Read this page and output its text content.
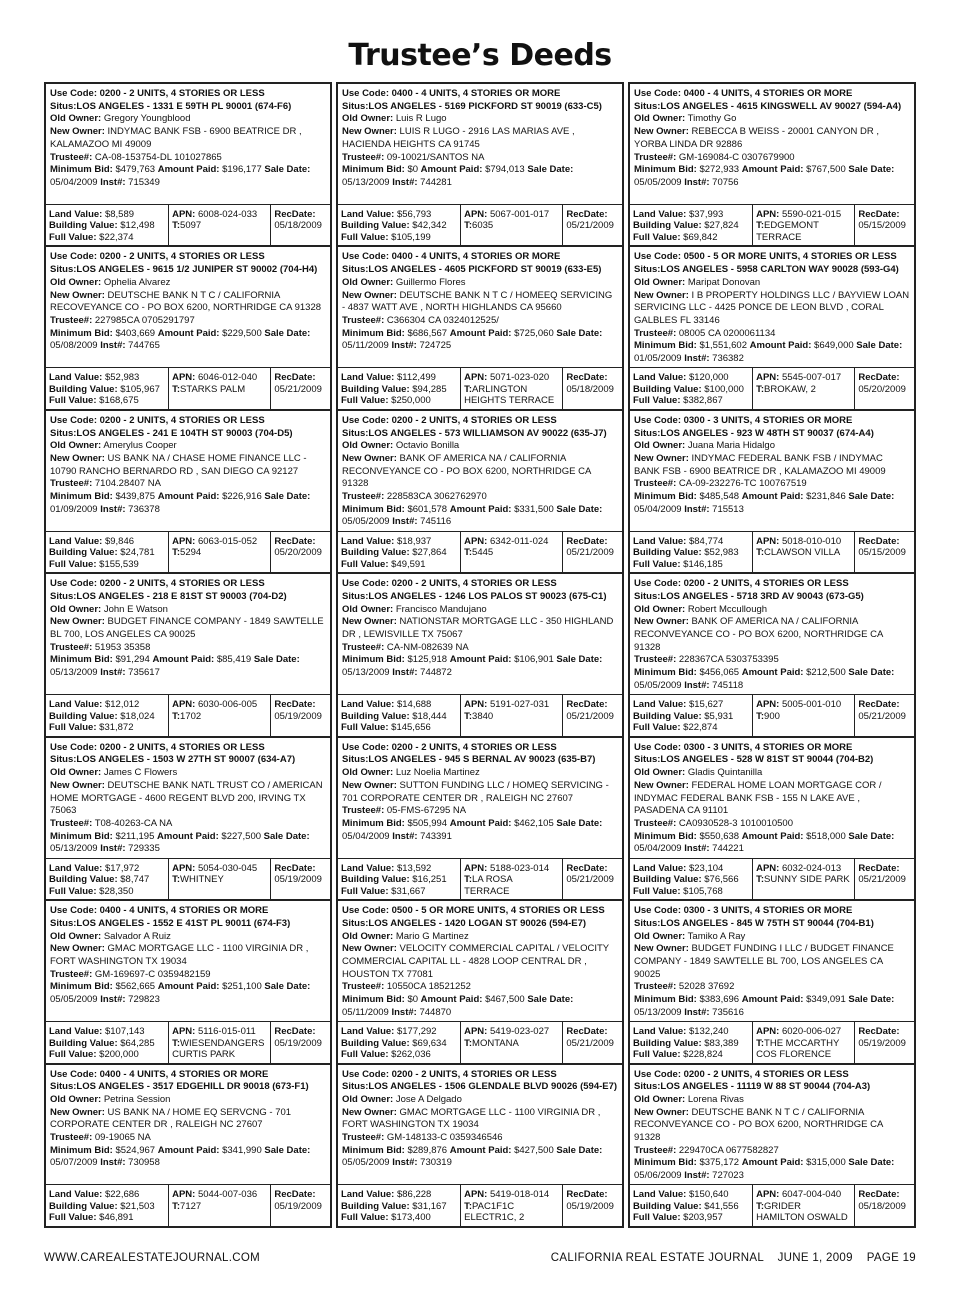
Trustee’s Deeds
Use Code: 0200 - 2 UNITS, 4 STORIES OR LESS
Situs:LOS ANGELES - 1331 E 59TH PL 90001 (674-F6)
Old Owner: Gregory Youngblood
New Owner: INDYMAC BANK FSB - 6900 BEATRICE DR , KALAMAZOO MI 49009
Trustee#: CA-08-153754-DL 101027865
Minimum Bid: $479,763 Amount Paid: $196,177 Sale Date: 05/04/2009 Inst#: 715349
Land Value: $8,589
Building Value: $12,498
Full Value: $22,374
APN: 6008-024-033
T:5097
RecDate:
05/18/2009
Use Code: 0200 - 2 UNITS, 4 STORIES OR LESS
Situs:LOS ANGELES - 9615 1/2 JUNIPER ST 90002 (704-H4)
Old Owner: Ophelia Alvarez
New Owner: DEUTSCHE BANK N T C / CALIFORNIA RECOVEYANCE CO - PO BOX 6200, NORTHRIDGE CA 91328
Trustee#: 227985CA 0705291797
Minimum Bid: $403,669 Amount Paid: $229,500 Sale Date: 05/08/2009 Inst#: 744765
Land Value: $52,983
Building Value: $105,967
Full Value: $168,675
APN: 6046-012-040
T:STARKS PALM
RecDate:
05/21/2009
Use Code: 0200 - 2 UNITS, 4 STORIES OR LESS
Situs:LOS ANGELES - 241 E 104TH ST 90003 (704-D5)
Old Owner: Amerylus Cooper
New Owner: US BANK NA / CHASE HOME FINANCE LLC - 10790 RANCHO BERNARDO RD , SAN DIEGO CA 92127
Trustee#: 7104.28407 NA
Minimum Bid: $439,875 Amount Paid: $226,916 Sale Date: 01/09/2009 Inst#: 736378
Land Value: $9,846
Building Value: $24,781
Full Value: $155,539
APN: 6063-015-052
T:5294
RecDate:
05/20/2009
Use Code: 0200 - 2 UNITS, 4 STORIES OR LESS
Situs:LOS ANGELES - 218 E 81ST ST 90003 (704-D2)
Old Owner: John E Watson
New Owner: BUDGET FINANCE COMPANY - 1849 SAWTELLE BL 700, LOS ANGELES CA 90025
Trustee#: 51953 35358
Minimum Bid: $91,294 Amount Paid: $85,419 Sale Date: 05/13/2009 Inst#: 735617
Land Value: $12,012
Building Value: $18,024
Full Value: $31,872
APN: 6030-006-005
T:1702
RecDate:
05/19/2009
Use Code: 0200 - 2 UNITS, 4 STORIES OR LESS
Situs:LOS ANGELES - 1503 W 27TH ST 90007 (634-A7)
Old Owner: James C Flowers
New Owner: DEUTSCHE BANK NATL TRUST CO / AMERICAN HOME MORTGAGE - 4600 REGENT BLVD 200, IRVING TX 75063
Trustee#: T08-40263-CA NA
Minimum Bid: $211,195 Amount Paid: $227,500 Sale Date: 05/13/2009 Inst#: 729335
Land Value: $17,972
Building Value: $8,747
Full Value: $28,350
APN: 5054-030-045
T:WHITNEY
RecDate:
05/19/2009
Use Code: 0400 - 4 UNITS, 4 STORIES OR MORE
Situs:LOS ANGELES - 1552 E 41ST PL 90011 (674-F3)
Old Owner: Salvador A Ruiz
New Owner: GMAC MORTGAGE LLC - 1100 VIRGINIA DR , FORT WASHINGTON TX 19034
Trustee#: GM-169697-C 0359482159
Minimum Bid: $562,665 Amount Paid: $251,100 Sale Date: 05/05/2009 Inst#: 729823
Land Value: $107,143
Building Value: $64,285
Full Value: $200,000
APN: 5116-015-011
T:WIESENDANGERS CURTIS PARK
RecDate:
05/19/2009
Use Code: 0400 - 4 UNITS, 4 STORIES OR MORE
Situs:LOS ANGELES - 3517 EDGEHILL DR 90018 (673-F1)
Old Owner: Petrina Session
New Owner: US BANK NA / HOME EQ SERVCNG - 701 CORPORATE CENTER DR , RALEIGH NC 27607
Trustee#: 09-19065 NA
Minimum Bid: $524,967 Amount Paid: $341,990 Sale Date: 05/07/2009 Inst#: 730958
Land Value: $22,686
Building Value: $21,503
Full Value: $46,891
APN: 5044-007-036
T:7127
RecDate:
05/19/2009
Use Code: 0400 - 4 UNITS, 4 STORIES OR MORE
Situs:LOS ANGELES - 5169 PICKFORD ST 90019 (633-C5)
Old Owner: Luis R Lugo
New Owner: LUIS R LUGO - 2916 LAS MARIAS AVE , HACIENDA HEIGHTS CA 91745
Trustee#: 09-10021/SANTOS NA
Minimum Bid: $0 Amount Paid: $794,013 Sale Date: 05/13/2009 Inst#: 744281
Land Value: $56,793
Building Value: $42,342
Full Value: $105,199
APN: 5067-001-017
T:6035
RecDate:
05/21/2009
Use Code: 0400 - 4 UNITS, 4 STORIES OR MORE
Situs:LOS ANGELES - 4605 PICKFORD ST 90019 (633-E5)
Old Owner: Guillermo Flores
New Owner: DEUTSCHE BANK N T C / HOMEEQ SERVICING - 4837 WATT AVE , NORTH HIGHLANDS CA 95660
Trustee#: C366304 CA 0324012525/
Minimum Bid: $686,567 Amount Paid: $725,060 Sale Date: 05/11/2009 Inst#: 724725
Land Value: $112,499
Building Value: $94,285
Full Value: $250,000
APN: 5071-023-020
T:ARLINGTON HEIGHTS TERRACE
RecDate:
05/18/2009
Use Code: 0200 - 2 UNITS, 4 STORIES OR LESS
Situs:LOS ANGELES - 573 WILLIAMSON AV 90022 (635-J7)
Old Owner: Octavio Bonilla
New Owner: BANK OF AMERICA NA / CALIFORNIA RECONVEYANCE CO - PO BOX 6200, NORTHRIDGE CA 91328
Trustee#: 228583CA 3062762970
Minimum Bid: $601,578 Amount Paid: $331,500 Sale Date: 05/05/2009 Inst#: 745116
Land Value: $18,937
Building Value: $27,864
Full Value: $49,591
APN: 6342-011-024
T:5445
RecDate:
05/21/2009
Use Code: 0200 - 2 UNITS, 4 STORIES OR LESS
Situs:LOS ANGELES - 1246 LOS PALOS ST 90023 (675-C1)
Old Owner: Francisco Mandujano
New Owner: NATIONSTAR MORTGAGE LLC - 350 HIGHLAND DR , LEWISVILLE TX 75067
Trustee#: CA-NM-082639 NA
Minimum Bid: $125,918 Amount Paid: $106,901 Sale Date: 05/13/2009 Inst#: 744872
Land Value: $14,688
Building Value: $18,444
Full Value: $145,656
APN: 5191-027-031
T:3840
RecDate:
05/21/2009
Use Code: 0200 - 2 UNITS, 4 STORIES OR LESS
Situs:LOS ANGELES - 945 S BERNAL AV 90023 (635-B7)
Old Owner: Luz Noelia Martinez
New Owner: SUTTON FUNDING LLC / HOMEQ SERVICING - 701 CORPORATE CENTER DR , RALEIGH NC 27607
Trustee#: 05-FMS-67295 NA
Minimum Bid: $505,994 Amount Paid: $462,105 Sale Date: 05/04/2009 Inst#: 743391
Land Value: $13,592
Building Value: $16,251
Full Value: $31,667
APN: 5188-023-014
T:LA ROSA TERRACE
RecDate:
05/21/2009
Use Code: 0500 - 5 OR MORE UNITS, 4 STORIES OR LESS
Situs:LOS ANGELES - 1420 LOGAN ST 90026 (594-E7)
Old Owner: Mario G Martinez
New Owner: VELOCITY COMMERCIAL CAPITAL / VELOCITY COMMERCIAL CAPITAL LL - 4828 LOOP CENTRAL DR , HOUSTON TX 77081
Trustee#: 10550CA 18521252
Minimum Bid: $0 Amount Paid: $467,500 Sale Date: 05/11/2009 Inst#: 744870
Land Value: $177,292
Building Value: $69,634
Full Value: $262,036
APN: 5419-023-027
T:MONTANA
RecDate:
05/21/2009
Use Code: 0200 - 2 UNITS, 4 STORIES OR LESS
Situs:LOS ANGELES - 1506 GLENDALE BLVD 90026 (594-E7)
Old Owner: Jose A Delgado
New Owner: GMAC MORTGAGE LLC - 1100 VIRGINIA DR , FORT WASHINGTON TX 19034
Trustee#: GM-148133-C 0359346546
Minimum Bid: $289,876 Amount Paid: $427,500 Sale Date: 05/05/2009 Inst#: 730319
Land Value: $86,228
Building Value: $31,167
Full Value: $173,400
APN: 5419-018-014
T:PAC1F1C ELECTR1C, 2
RecDate:
05/19/2009
Use Code: 0400 - 4 UNITS, 4 STORIES OR MORE
Situs:LOS ANGELES - 4615 KINGSWELL AV 90027 (594-A4)
Old Owner: Timothy Go
New Owner: REBECCA B WEISS - 20001 CANYON DR , YORBA LINDA DR 92886
Trustee#: GM-169084-C 0307679900
Minimum Bid: $272,933 Amount Paid: $767,500 Sale Date: 05/05/2009 Inst#: 70756
Land Value: $37,993
Building Value: $27,824
Full Value: $69,842
APN: 5590-021-015
T:EDGEMONT TERRACE
RecDate:
05/15/2009
Use Code: 0500 - 5 OR MORE UNITS, 4 STORIES OR LESS
Situs:LOS ANGELES - 5958 CARLTON WAY 90028 (593-G4)
Old Owner: Maripat Donovan
New Owner: I B PROPERTY HOLDINGS LLC / BAYVIEW LOAN SERVICING LLC - 4425 PONCE DE LEON BLVD , CORAL GALBLES FL 33146
Trustee#: 08005 CA 0200061134
Minimum Bid: $1,551,602 Amount Paid: $649,000 Sale Date: 01/05/2009 Inst#: 736382
Land Value: $120,000
Building Value: $100,000
Full Value: $382,867
APN: 5545-007-017
T:BROKAW, 2
RecDate:
05/20/2009
Use Code: 0300 - 3 UNITS, 4 STORIES OR MORE
Situs:LOS ANGELES - 923 W 48TH ST 90037 (674-A4)
Old Owner: Juana Maria Hidalgo
New Owner: INDYMAC FEDERAL BANK FSB / INDYMAC BANK FSB - 6900 BEATRICE DR , KALAMAZOO MI 49009
Trustee#: CA-09-232276-TC 100767519
Minimum Bid: $485,548 Amount Paid: $231,846 Sale Date: 05/04/2009 Inst#: 715513
Land Value: $84,774
Building Value: $52,983
Full Value: $146,185
APN: 5018-010-010
T:CLAWSON VILLA
RecDate:
05/15/2009
Use Code: 0200 - 2 UNITS, 4 STORIES OR LESS
Situs:LOS ANGELES - 5718 3RD AV 90043 (673-G5)
Old Owner: Robert Mccullough
New Owner: BANK OF AMERICA NA / CALIFORNIA RECONVEYANCE CO - PO BOX 6200, NORTHRIDGE CA 91328
Trustee#: 228367CA 5303753395
Minimum Bid: $456,065 Amount Paid: $212,500 Sale Date: 05/05/2009 Inst#: 745118
Land Value: $15,627
Building Value: $5,931
Full Value: $22,874
APN: 5005-001-010
T:900
RecDate:
05/21/2009
Use Code: 0300 - 3 UNITS, 4 STORIES OR MORE
Situs:LOS ANGELES - 528 W 81ST ST 90044 (704-B2)
Old Owner: Gladis Quintanilla
New Owner: FEDERAL HOME LOAN MORTGAGE COR / INDYMAC FEDERAL BANK FSB - 155 N LAKE AVE , PASADENA CA 91101
Trustee#: CA0930528-3 1010010500
Minimum Bid: $550,638 Amount Paid: $518,000 Sale Date: 05/04/2009 Inst#: 744221
Land Value: $23,104
Building Value: $76,566
Full Value: $105,768
APN: 6032-024-013
T:SUNNY SIDE PARK
RecDate:
05/21/2009
Use Code: 0300 - 3 UNITS, 4 STORIES OR MORE
Situs:LOS ANGELES - 845 W 75TH ST 90044 (704-B1)
Old Owner: Tamiko A Ray
New Owner: BUDGET FUNDING I LLC / BUDGET FINANCE COMPANY - 1849 SAWTELLE BL 700, LOS ANGELES CA 90025
Trustee#: 52028 37692
Minimum Bid: $383,696 Amount Paid: $349,091 Sale Date: 05/13/2009 Inst#: 735616
Land Value: $132,240
Building Value: $83,389
Full Value: $228,824
APN: 6020-006-027
T:THE MCCARTHY COS FLORENCE
RecDate:
05/19/2009
Use Code: 0200 - 2 UNITS, 4 STORIES OR LESS
Situs:LOS ANGELES - 11119 W 88 ST 90044 (704-A3)
Old Owner: Lorena Rivas
New Owner: DEUTSCHE BANK N T C / CALIFORNIA RECONVEYANCE CO - PO BOX 6200, NORTHRIDGE CA 91328
Trustee#: 229470CA 0677582827
Minimum Bid: $375,172 Amount Paid: $315,000 Sale Date: 05/06/2009 Inst#: 727023
Land Value: $150,640
Building Value: $41,556
Full Value: $203,957
APN: 6047-004-040
T:GRIDER HAMILTON OSWALD
RecDate:
05/18/2009
WWW.CAREALESTATEJOURNAL.COM	CALIFORNIA REAL ESTATE JOURNAL    JUNE 1, 2009    PAGE 19
